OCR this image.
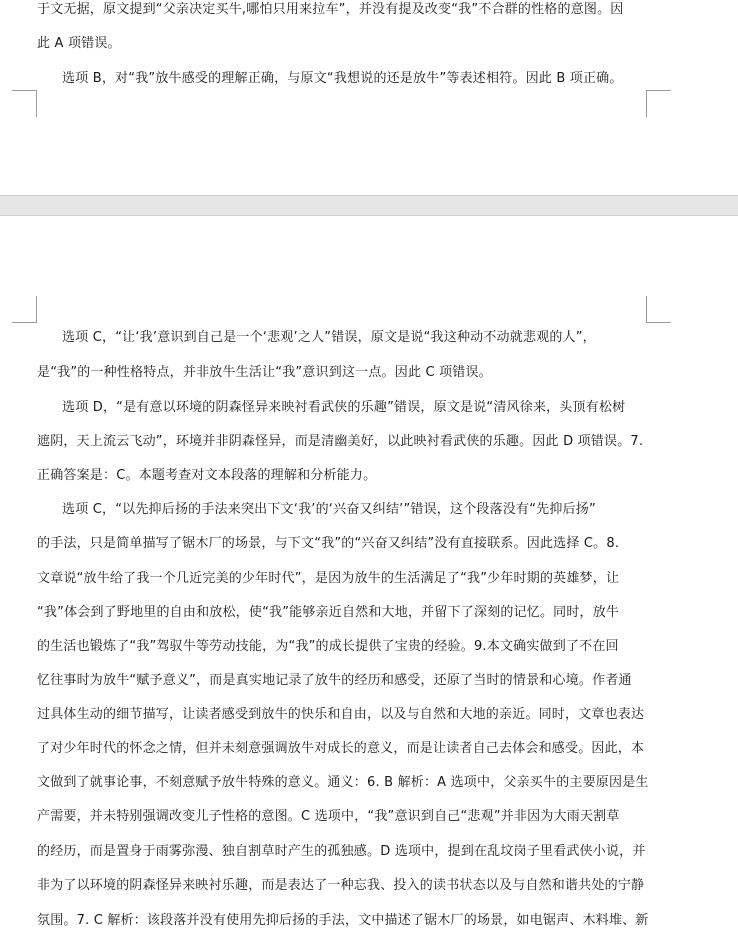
于文无据，原文提到“父亲决定买牛,哪怕只用来拉车”，并没有提及改变“我”不合群的性格的意图。因
此 A 项错误。
选项 B，对“我”放牛感受的理解正确，与原文“我想说的还是放牛”等表述相符。因此 B 项正确。
选项 C，“让‘我’意识到自己是一个‘悲观’之人”错误，原文是说“我这种动不动就悲观的人”，
是“我”的一种性格特点，并非放牛生活让“我”意识到这一点。因此 C 项错误。
选项 D，“是有意以环境的阴森怪异来映衬看武侠的乐趣”错误，原文是说“清风徐来，头顶有松树
遮阴，天上流云飞动”，环境并非阴森怪异，而是清幽美好，以此映衬看武侠的乐趣。因此 D 项错误。7.
正确答案是：C。本题考查对文本段落的理解和分析能力。
选项 C，“以先抑后扬的手法来突出下文‘我’的‘兴奋又纠结’”错误，这个段落没有“先抑后扬”
的手法，只是简单描写了锯木厂的场景，与下文“我”的“兴奋又纠结”没有直接联系。因此选择 C。8.
文章说“放牛给了我一个几近完美的少年时代”，是因为放牛的生活满足了“我”少年时期的英雄梦，让
“我”体会到了野地里的自由和放松，使“我”能够亲近自然和大地，并留下了深刻的记忆。同时，放牛
的生活也锻炼了“我”驾驭牛等劳动技能，为“我”的成长提供了宝贵的经验。9.本文确实做到了不在回
忆往事时为放牛“赋予意义”，而是真实地记录了放牛的经历和感受，还原了当时的情景和心境。作者通
过具体生动的细节描写，让读者感受到放牛的快乐和自由，以及与自然和大地的亲近。同时，文章也表达
了对少年时代的怀念之情，但并未刻意强调放牛对成长的意义，而是让读者自己去体会和感受。因此，本
文做到了就事论事，不刻意赋予放牛特殊的意义。通义：6. B 解析：A 选项中，父亲买牛的主要原因是生
产需要，并未特别强调改变儿子性格的意图。C 选项中，“我”意识到自己“悲观”并非因为大雨天割草
的经历，而是置身于雨雾弥漫、独自割草时产生的孤独感。D 选项中，提到在乱坟岗子里看武侠小说，并
非为了以环境的阴森怪异来映衬乐趣，而是表达了一种忘我、投入的读书状态以及与自然和谐共处的宁静
氛围。7. C 解析：该段落并没有使用先抑后扬的手法，文中描述了锯木厂的场景，如电锯声、木料堆、新
